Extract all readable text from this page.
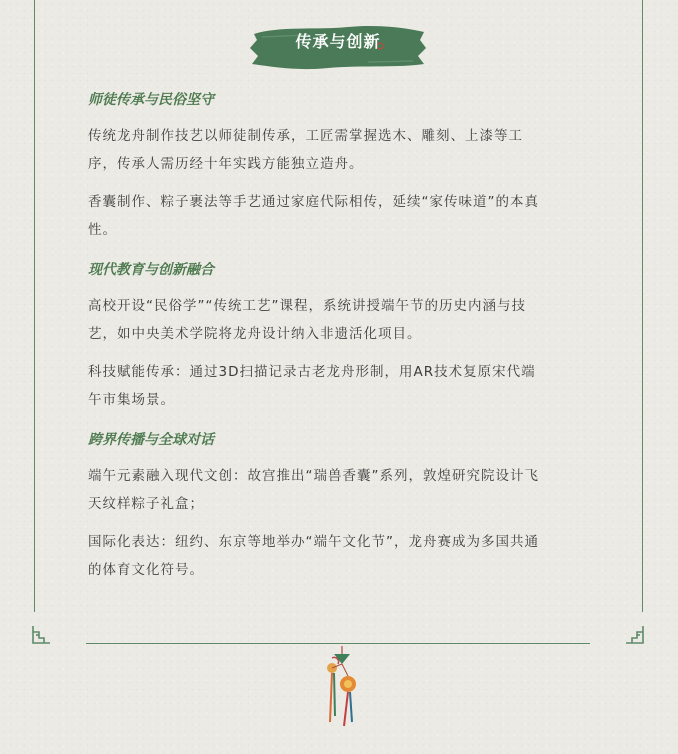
传承与创新
师徒传承与民俗坚守

传统龙舟制作技艺以师徒制传承，工匠需掌握选木、雕刻、上漆等工
序，传承人需历经十年实践方能独立造舟。

香囊制作、粽子裹法等手艺通过家庭代际相传，延续“家传味道”的本真
性。

现代教育与创新融合

高校开设“民俗学”“传统工艺”课程，系统讲授端午节的历史内涵与技
艺，如中央美术学院将龙舟设计纳入非遗活化项目。

科技赋能传承：通过3D扫描记录古老龙舟形制，用AR技术复原宋代端
午市集场景。

跨界传播与全球对话

端午元素融入现代文创：故宫推出“瑞兽香囊”系列，敦煌研究院设计飞
天纹样粽子礼盒；

国际化表达：纽约、东京等地举办“端午文化节”，龙舟赛成为多国共通
的体育文化符号。
